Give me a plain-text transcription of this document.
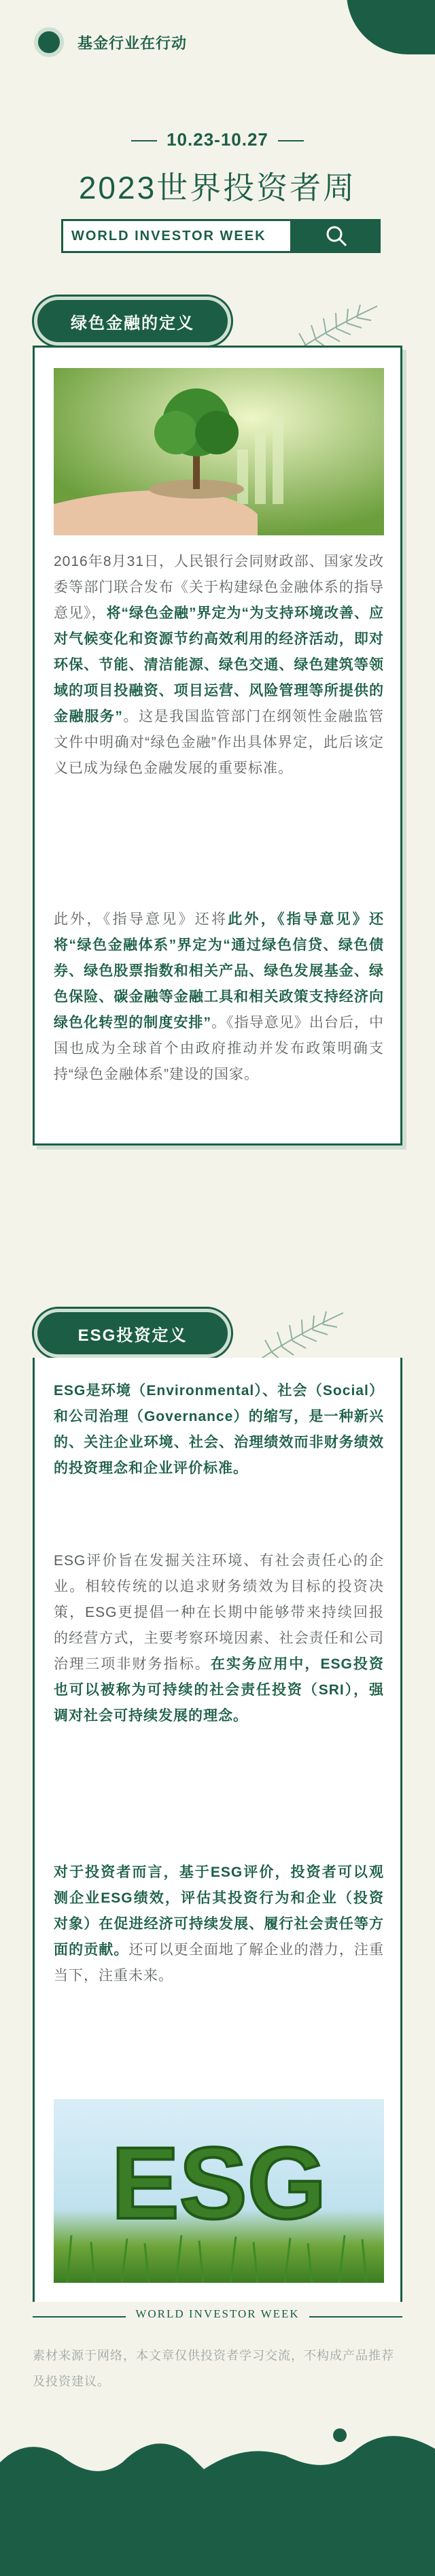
基金行业在行动
10.23-10.27
2023世界投资者周
WORLD INVESTOR WEEK
绿色金融的定义

2016年8月31日，人民银行会同财政部、国家发改委等部门联合发布《关于构建绿色金融体系的指导意见》，将“绿色金融”界定为“为支持环境改善、应对气候变化和资源节约高效利用的经济活动，即对环保、节能、清洁能源、绿色交通、绿色建筑等领域的项目投融资、项目运营、风险管理等所提供的金融服务”。这是我国监管部门在纲领性金融监管文件中明确对“绿色金融”作出具体界定，此后该定义已成为绿色金融发展的重要标准。

此外，《指导意见》还将此外，《指导意见》还将“绿色金融体系”界定为“通过绿色信贷、绿色债券、绿色股票指数和相关产品、绿色发展基金、绿色保险、碳金融等金融工具和相关政策支持经济向绿色化转型的制度安排”。《指导意见》出台后，中国也成为全球首个由政府推动并发布政策明确支持“绿色金融体系”建设的国家。

ESG投资定义

ESG是环境（Environmental）、社会（Social）和公司治理（Governance）的缩写，是一种新兴的、关注企业环境、社会、治理绩效而非财务绩效的投资理念和企业评价标准。

ESG评价旨在发掘关注环境、有社会责任心的企业。相较传统的以追求财务绩效为目标的投资决策，ESG更提倡一种在长期中能够带来持续回报的经营方式，主要考察环境因素、社会责任和公司治理三项非财务指标。在实务应用中，ESG投资也可以被称为可持续的社会责任投资（SRI），强调对社会可持续发展的理念。

对于投资者而言，基于ESG评价，投资者可以观测企业ESG绩效，评估其投资行为和企业（投资对象）在促进经济可持续发展、履行社会责任等方面的贡献。还可以更全面地了解企业的潜力，注重当下，注重未来。

ESG
WORLD INVESTOR WEEK
素材来源于网络，本文章仅供投资者学习交流，不构成产品推荐及投资建议。
